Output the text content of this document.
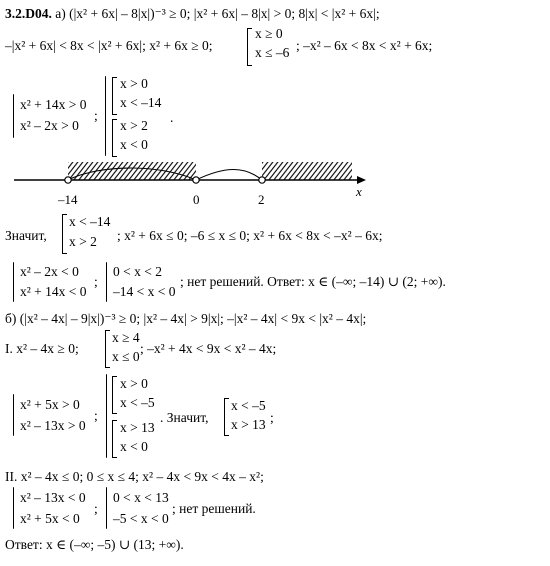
3.2.D04. а) (|x² + 6x| – 8|x|)⁻³ ≥ 0; |x² + 6x| – 8|x| > 0; 8|x| < |x² + 6x|;
–|x² + 6x| < 8x < |x² + 6x|; x² + 6x ≥ 0;
x ≥ 0
x ≤ –6 ; –x² – 6x < 8x < x² + 6x;
x² + 14x > 0
x² – 2x > 0
;
x > 0
x < –14
x > 2
x < 0
.
–14	0	2
x
Значит,
x < –14
x > 2	; x² + 6x ≤ 0; –6 ≤ x ≤ 0; x² + 6x < 8x < –x² – 6x;
x² – 2x < 0
x² + 14x < 0
;
0 < x < 2
–14 < x < 0
; нет решений. Ответ: x ∈ (–∞; –14) ∪ (2; +∞).
б) (|x² – 4x| – 9|x|)⁻³ ≥ 0; |x² – 4x| > 9|x|; –|x² – 4x| < 9x < |x² – 4x|;
I. x² – 4x ≥ 0;
x ≥ 4
x ≤ 0
; –x² + 4x < 9x < x² – 4x;
x² + 5x > 0
x² – 13x > 0
;
x > 0
x < –5
x > 13
x < 0
. Значит,
x < –5
x > 13 ;
II. x² – 4x ≤ 0; 0 ≤ x ≤ 4; x² – 4x < 9x < 4x – x²;
x² – 13x < 0
x² + 5x < 0
;
0 < x < 13
–5 < x < 0
; нет решений.
Ответ: x ∈ (–∞; –5) ∪ (13; +∞).
